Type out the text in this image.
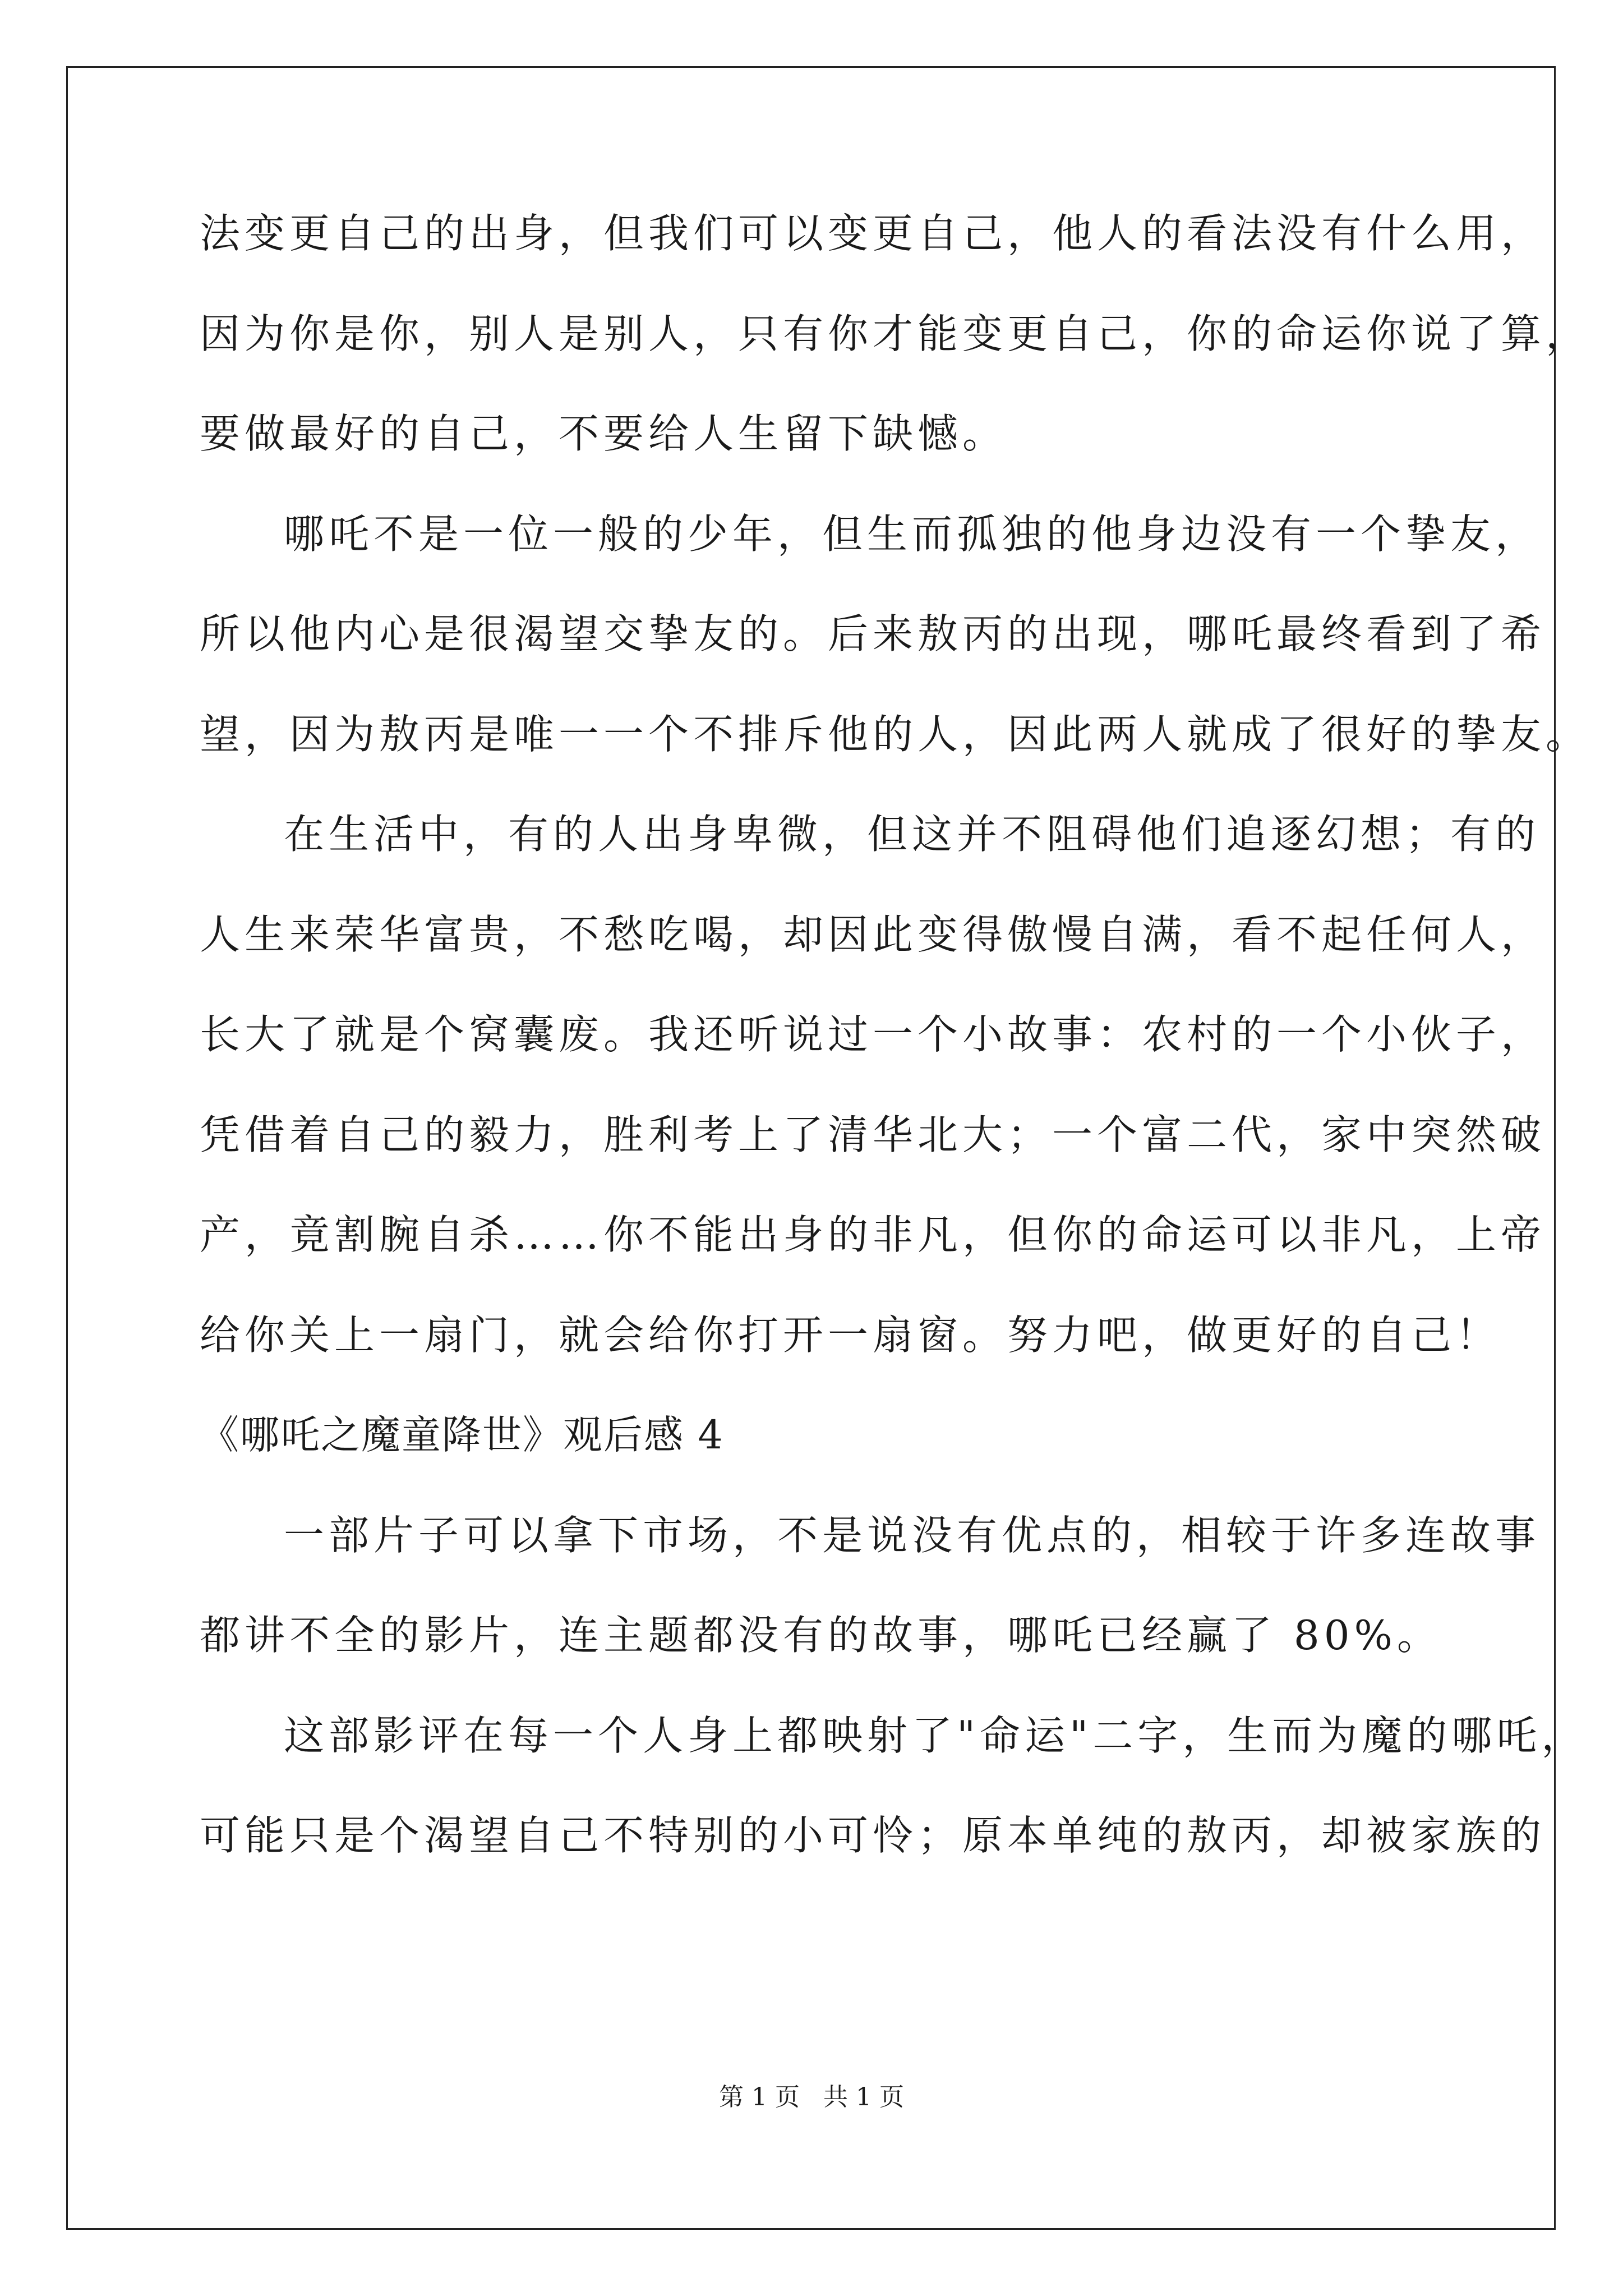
法变更自己的出身，但我们可以变更自己，他人的看法没有什么用，
因为你是你，别人是别人，只有你才能变更自己，你的命运你说了算，
要做最好的自己，不要给人生留下缺憾。
哪吒不是一位一般的少年，但生而孤独的他身边没有一个挚友，
所以他内心是很渴望交挚友的。后来敖丙的出现，哪吒最终看到了希
望，因为敖丙是唯一一个不排斥他的人，因此两人就成了很好的挚友。
在生活中，有的人出身卑微，但这并不阻碍他们追逐幻想；有的
人生来荣华富贵，不愁吃喝，却因此变得傲慢自满，看不起任何人，
长大了就是个窝囊废。我还听说过一个小故事：农村的一个小伙子，
凭借着自己的毅力，胜利考上了清华北大；一个富二代，家中突然破
产，竟割腕自杀……你不能出身的非凡，但你的命运可以非凡，上帝
给你关上一扇门，就会给你打开一扇窗。努力吧，做更好的自己！
《哪吒之魔童降世》观后感 4
一部片子可以拿下市场，不是说没有优点的，相较于许多连故事
都讲不全的影片，连主题都没有的故事，哪吒已经赢了 80%。
这部影评在每一个人身上都映射了"命运"二字，生而为魔的哪吒，
可能只是个渴望自己不特别的小可怜；原本单纯的敖丙，却被家族的
第 1 页   共 1 页
